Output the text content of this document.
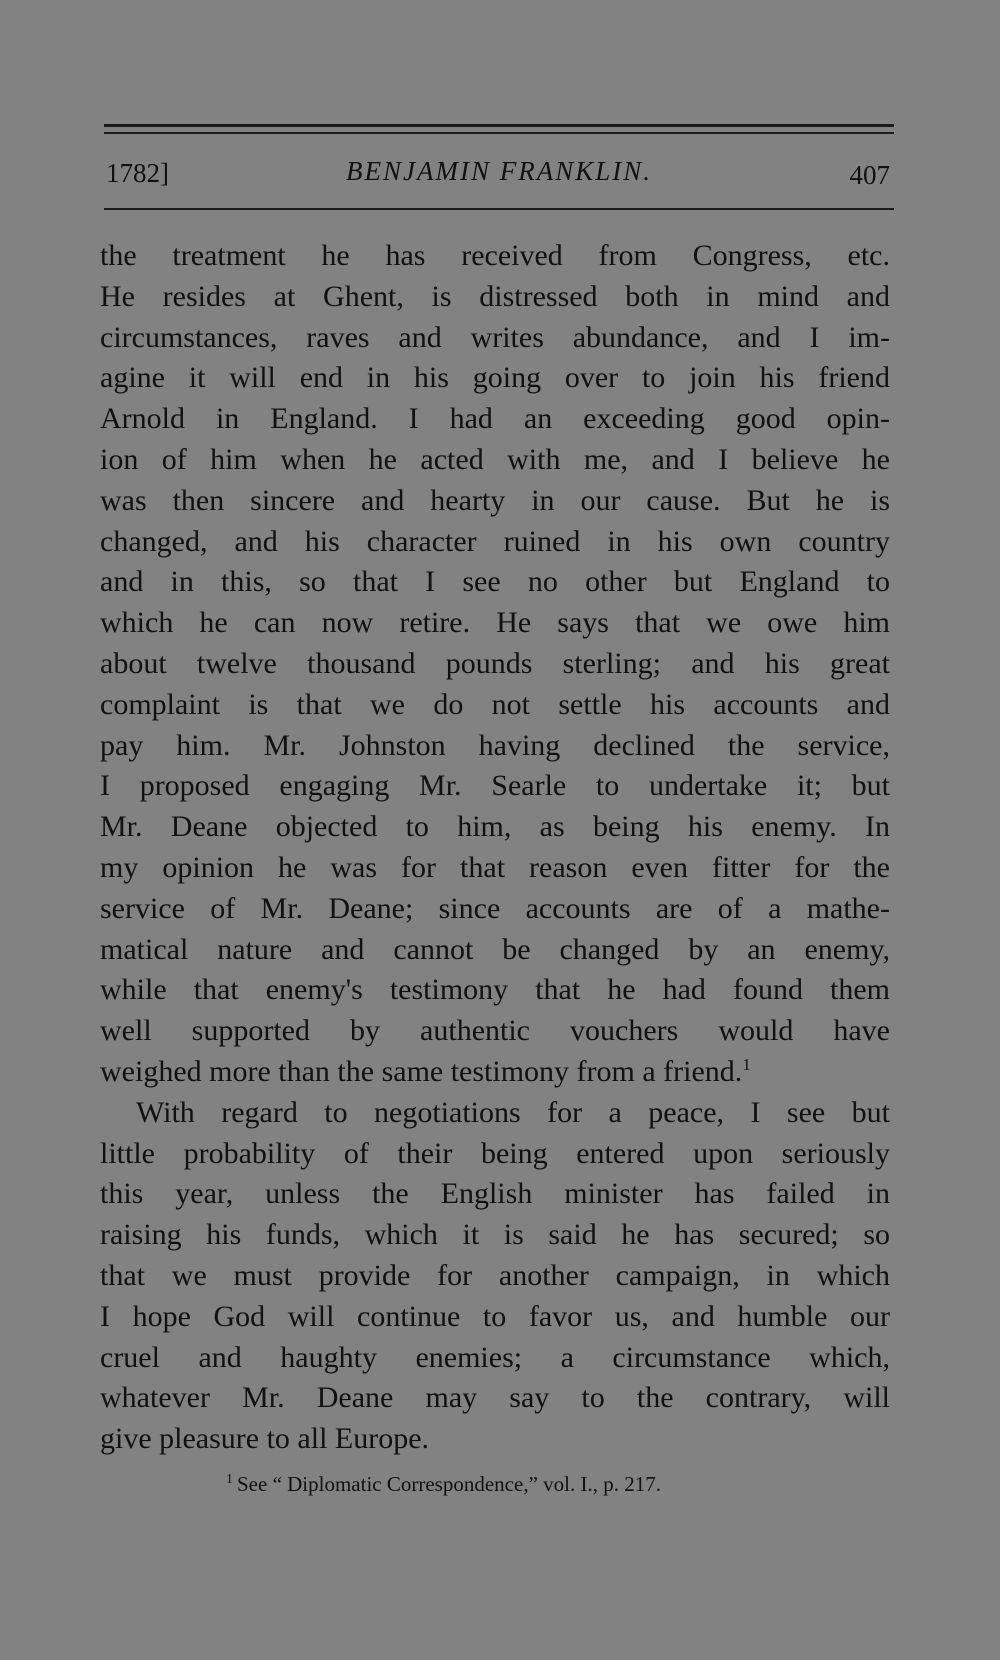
1782]	BENJAMIN FRANKLIN.	407
the treatment he has received from Congress, etc.
He resides at Ghent, is distressed both in mind and
circumstances, raves and writes abundance, and I im-
agine it will end in his going over to join his friend
Arnold in England. I had an exceeding good opin-
ion of him when he acted with me, and I believe he
was then sincere and hearty in our cause. But he is
changed, and his character ruined in his own country
and in this, so that I see no other but England to
which he can now retire. He says that we owe him
about twelve thousand pounds sterling; and his great
complaint is that we do not settle his accounts and
pay him. Mr. Johnston having declined the service,
I proposed engaging Mr. Searle to undertake it; but
Mr. Deane objected to him, as being his enemy. In
my opinion he was for that reason even fitter for the
service of Mr. Deane; since accounts are of a mathe-
matical nature and cannot be changed by an enemy,
while that enemy's testimony that he had found them
well supported by authentic vouchers would have
weighed more than the same testimony from a friend.$^1$
With regard to negotiations for a peace, I see but
little probability of their being entered upon seriously
this year, unless the English minister has failed in
raising his funds, which it is said he has secured; so
that we must provide for another campaign, in which
I hope God will continue to favor us, and humble our
cruel and haughty enemies; a circumstance which,
whatever Mr. Deane may say to the contrary, will
give pleasure to all Europe.
$^1$ See “ Diplomatic Correspondence,” vol. I., p. 217.
